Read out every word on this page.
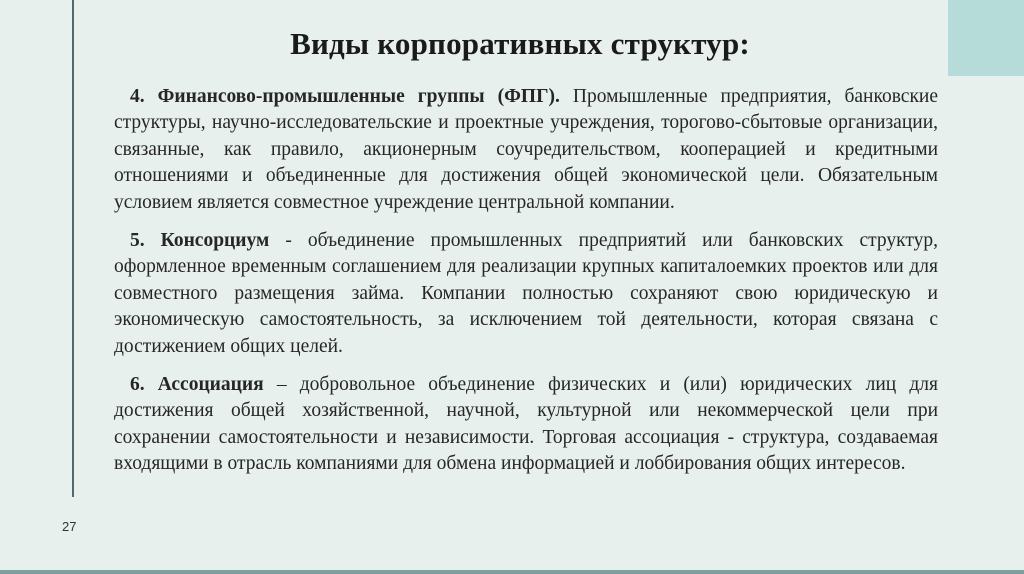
Виды корпоративных структур:

4. Финансово-промышленные группы (ФПГ). Промышленные предприятия, банковские структуры, научно-исследовательские и проектные учреждения, торогово-сбытовые организации, связанные, как правило, акционерным соучредительством, кооперацией и кредитными отношениями и объединенные для достижения общей экономической цели. Обязательным условием является совместное учреждение центральной компании.

5. Консорциум - объединение промышленных предприятий или банковских структур, оформленное временным соглашением для реализации крупных капиталоемких проектов или для совместного размещения займа. Компании полностью сохраняют свою юридическую и экономическую самостоятельность, за исключением той деятельности, которая связана с достижением общих целей.

6. Ассоциация – добровольное объединение физических и (или) юридических лиц для достижения общей хозяйственной, научной, культурной или некоммерческой цели при сохранении самостоятельности и независимости. Торговая ассоциация - структура, создаваемая входящими в отрасль компаниями для обмена информацией и лоббирования общих интересов.

27
